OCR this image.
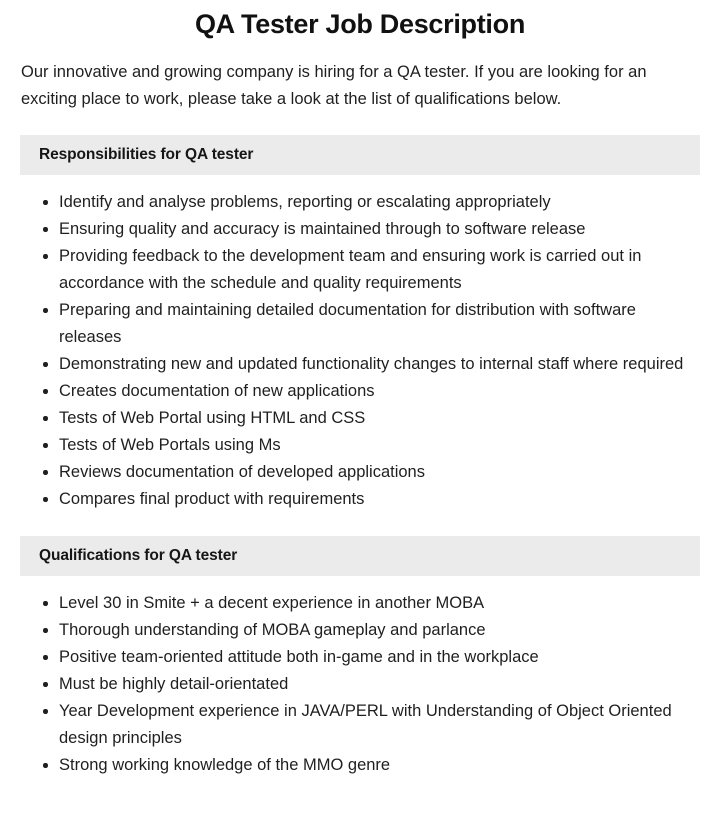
QA Tester Job Description

Our innovative and growing company is hiring for a QA tester. If you are looking for an exciting place to work, please take a look at the list of qualifications below.

Responsibilities for QA tester
Identify and analyse problems, reporting or escalating appropriately
Ensuring quality and accuracy is maintained through to software release
Providing feedback to the development team and ensuring work is carried out in accordance with the schedule and quality requirements
Preparing and maintaining detailed documentation for distribution with software releases
Demonstrating new and updated functionality changes to internal staff where required
Creates documentation of new applications
Tests of Web Portal using HTML and CSS
Tests of Web Portals using Ms
Reviews documentation of developed applications
Compares final product with requirements
Qualifications for QA tester
Level 30 in Smite + a decent experience in another MOBA
Thorough understanding of MOBA gameplay and parlance
Positive team-oriented attitude both in-game and in the workplace
Must be highly detail-orientated
Year Development experience in JAVA/PERL with Understanding of Object Oriented design principles
Strong working knowledge of the MMO genre
